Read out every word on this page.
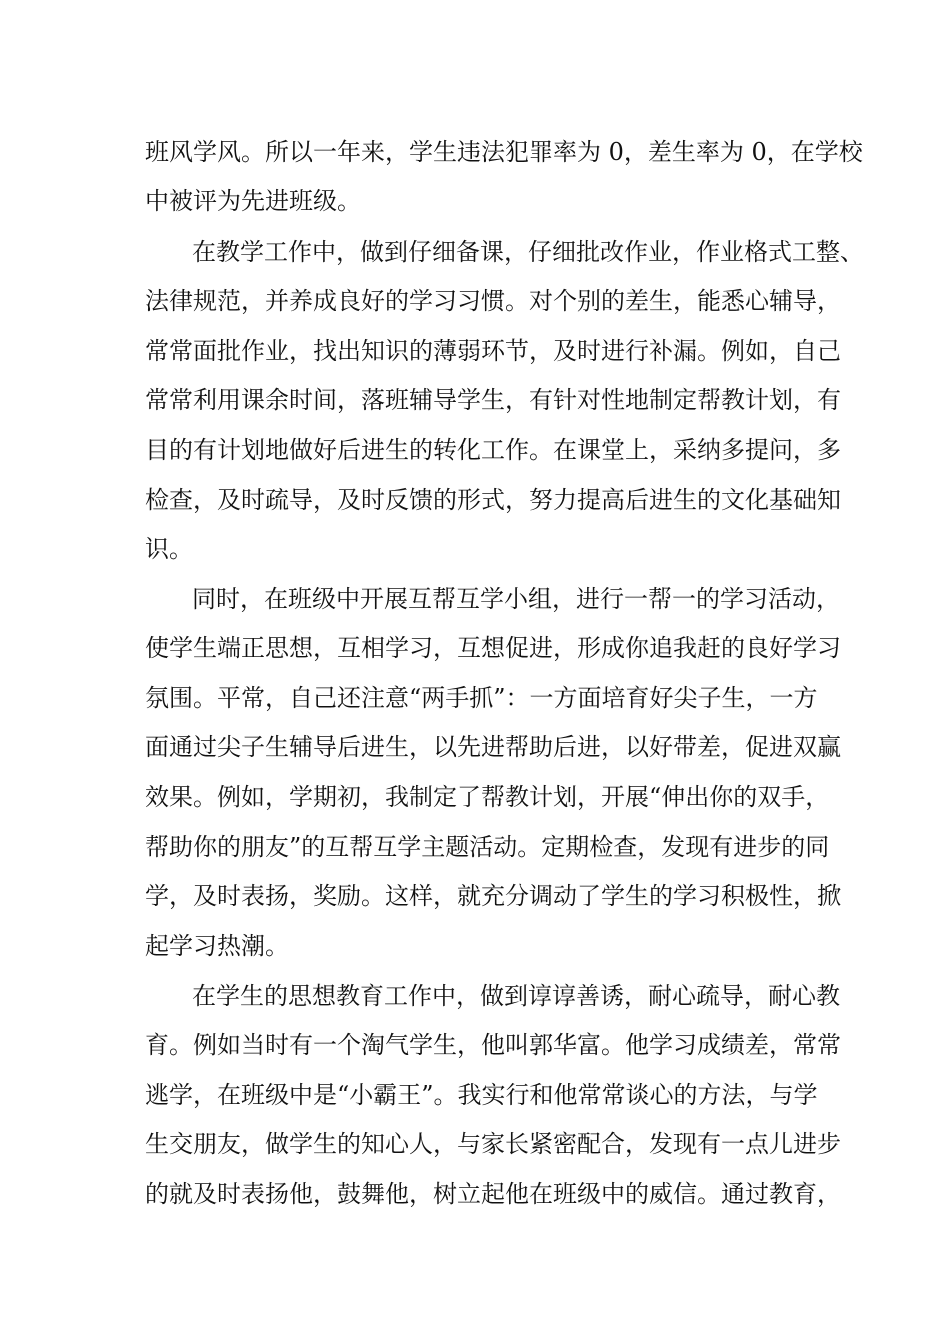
班风学风。所以一年来，学生违法犯罪率为 0，差生率为 0，在学校
中被评为先进班级。
在教学工作中，做到仔细备课，仔细批改作业，作业格式工整、
法律规范，并养成良好的学习习惯。对个别的差生，能悉心辅导，
常常面批作业，找出知识的薄弱环节，及时进行补漏。例如，自己
常常利用课余时间，落班辅导学生，有针对性地制定帮教计划，有
目的有计划地做好后进生的转化工作。在课堂上，采纳多提问，多
检查，及时疏导，及时反馈的形式，努力提高后进生的文化基础知
识。
同时，在班级中开展互帮互学小组，进行一帮一的学习活动，
使学生端正思想，互相学习，互想促进，形成你追我赶的良好学习
氛围。平常，自己还注意“两手抓”：一方面培育好尖子生，一方
面通过尖子生辅导后进生，以先进帮助后进，以好带差，促进双赢
效果。例如，学期初，我制定了帮教计划，开展“伸出你的双手，
帮助你的朋友”的互帮互学主题活动。定期检查，发现有进步的同
学，及时表扬，奖励。这样，就充分调动了学生的学习积极性，掀
起学习热潮。
在学生的思想教育工作中，做到谆谆善诱，耐心疏导，耐心教
育。例如当时有一个淘气学生，他叫郭华富。他学习成绩差，常常
逃学，在班级中是“小霸王”。我实行和他常常谈心的方法，与学
生交朋友，做学生的知心人，与家长紧密配合，发现有一点儿进步
的就及时表扬他，鼓舞他，树立起他在班级中的威信。通过教育，
